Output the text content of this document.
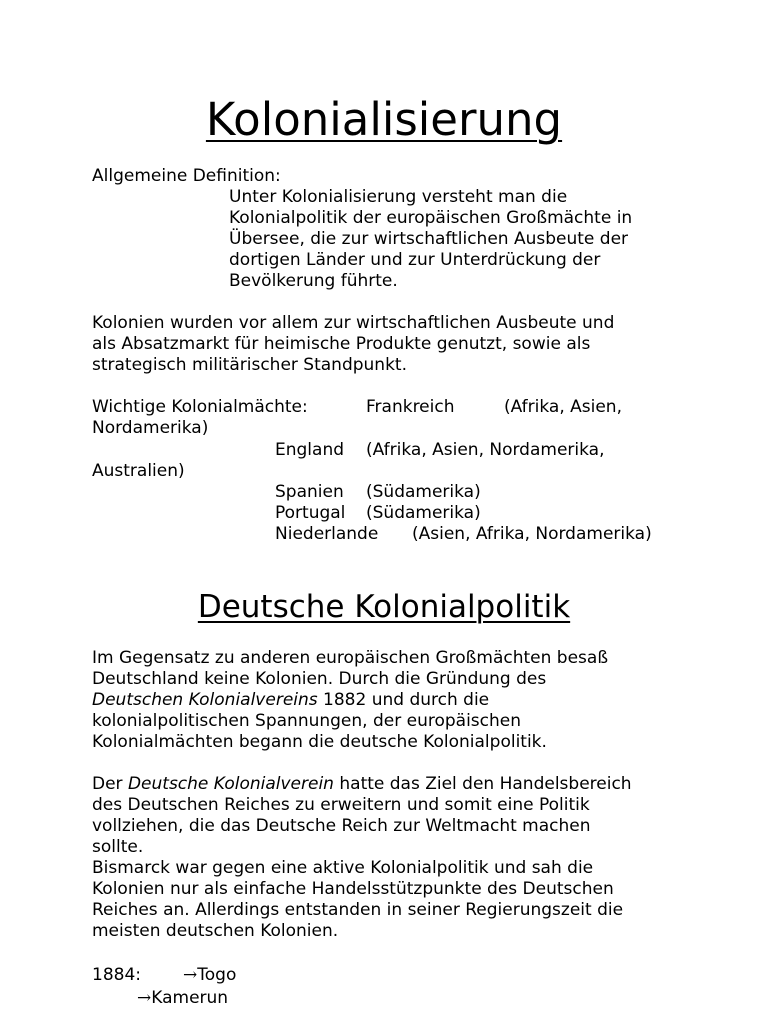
Kolonialisierung
Allgemeine Definition:
Unter Kolonialisierung versteht man die
Kolonialpolitik der europäischen Großmächte in
Übersee, die zur wirtschaftlichen Ausbeute der
dortigen Länder und zur Unterdrückung der
Bevölkerung führte.
Kolonien wurden vor allem zur wirtschaftlichen Ausbeute und
als Absatzmarkt für heimische Produkte genutzt, sowie als
strategisch militärischer Standpunkt.
Wichtige Kolonialmächte:	Frankreich	(Afrika, Asien,
Nordamerika)
England (Afrika, Asien, Nordamerika,
Australien)
Spanien (Südamerika)
Portugal (Südamerika)
Niederlande (Asien, Afrika, Nordamerika)
Deutsche Kolonialpolitik
Im Gegensatz zu anderen europäischen Großmächten besaß
Deutschland keine Kolonien. Durch die Gründung des
Deutschen Kolonialvereins 1882 und durch die
kolonialpolitischen Spannungen, der europäischen
Kolonialmächten begann die deutsche Kolonialpolitik.
Der Deutsche Kolonialverein hatte das Ziel den Handelsbereich
des Deutschen Reiches zu erweitern und somit eine Politik
vollziehen, die das Deutsche Reich zur Weltmacht machen
sollte.
Bismarck war gegen eine aktive Kolonialpolitik und sah die
Kolonien nur als einfache Handelsstützpunkte des Deutschen
Reiches an. Allerdings entstanden in seiner Regierungszeit die
meisten deutschen Kolonien.
1884: →Togo
→Kamerun
